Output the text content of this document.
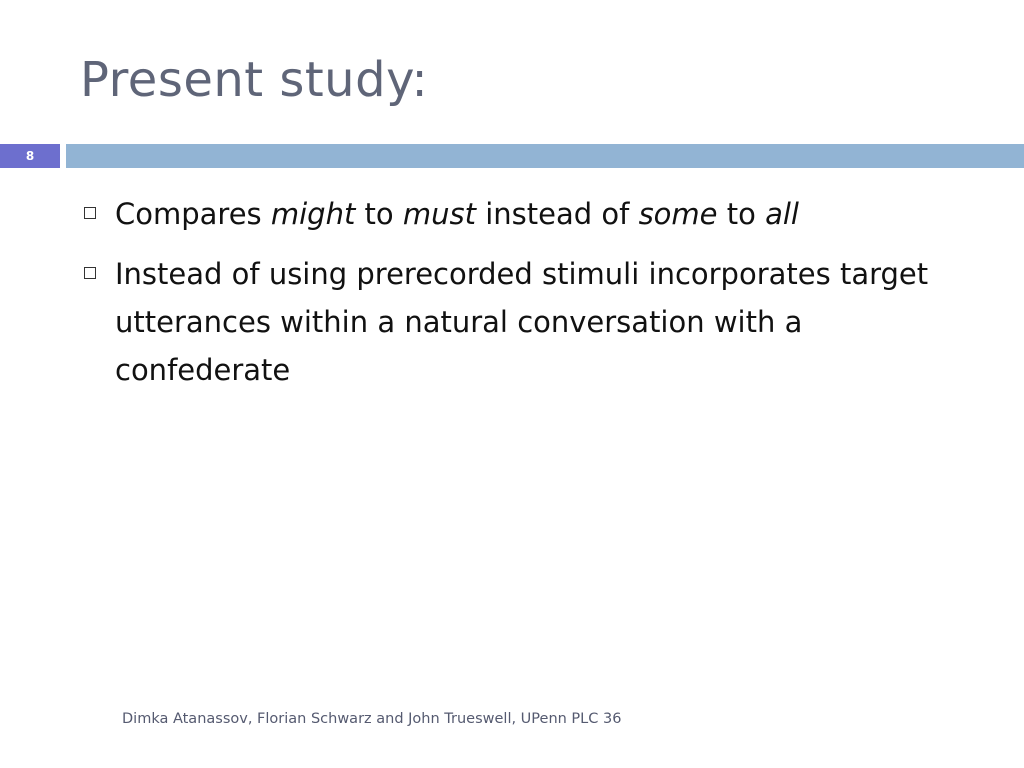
Present study:
8
Compares might to must instead of some to all
Instead of using prerecorded stimuli incorporates target utterances within a natural conversation with a confederate
Dimka Atanassov, Florian Schwarz and John Trueswell, UPenn PLC 36
